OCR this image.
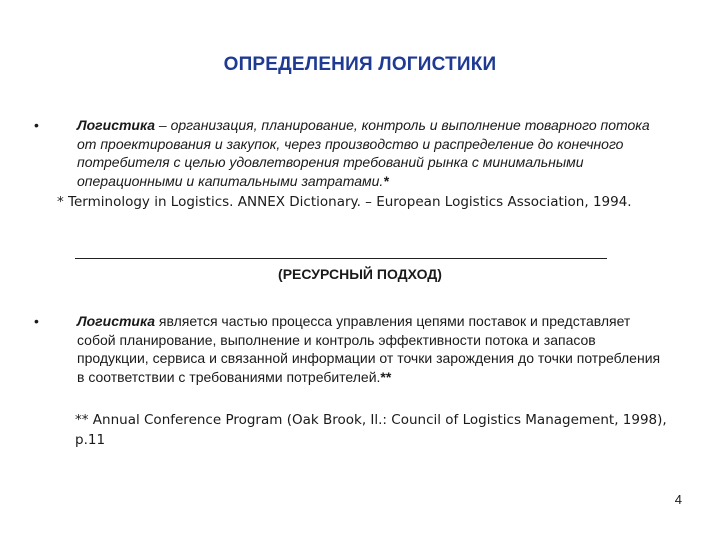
ОПРЕДЕЛЕНИЯ ЛОГИСТИКИ
•	Логистика – организация, планирование, контроль и выполнение товарного потока от проектирования и закупок, через производство и распределение до конечного потребителя с целью удовлетворения требований рынка с минимальными операционными и капитальными затратами.*
* Terminology in Logistics. ANNEX Dictionary. – European Logistics Association, 1994.
(РЕСУРСНЫЙ ПОДХОД)
•	Логистика является частью процесса управления цепями поставок и представляет собой планирование, выполнение и контроль эффективности потока и запасов продукции, сервиса и связанной информации от точки зарождения до точки потребления в соответствии с требованиями потребителей.**
** Annual Conference Program (Oak Brook, Il.: Council of Logistics Management, 1998), p.11
4
